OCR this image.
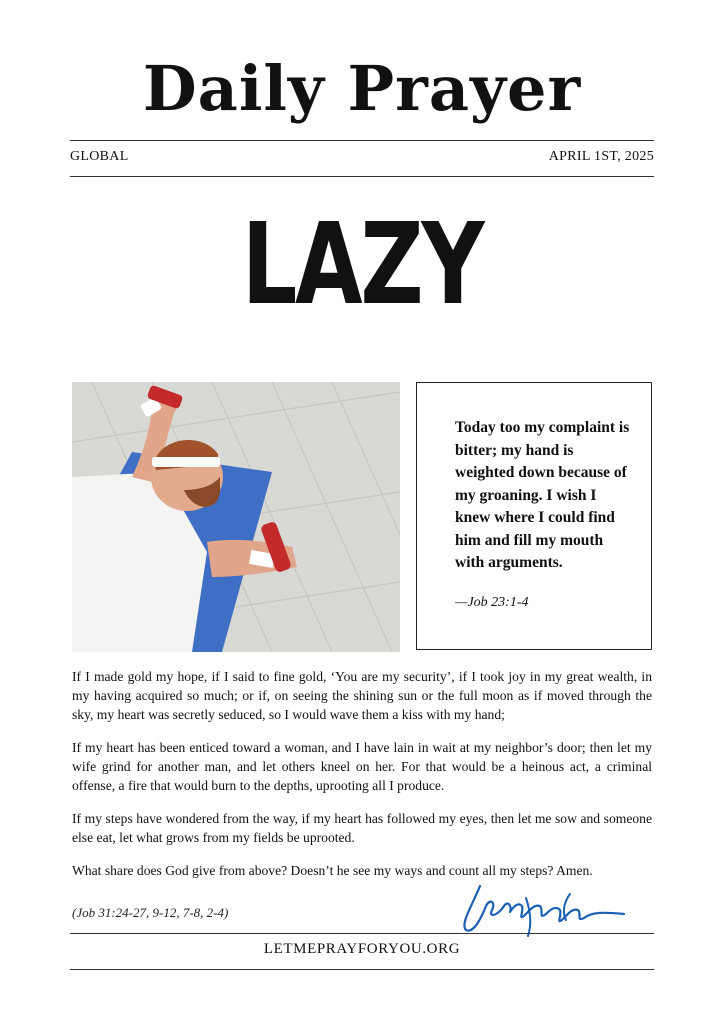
Daily Prayer
GLOBAL	APRIL 1ST, 2025
LAZY
Today too my complaint is bitter; my hand is weighted down because of my groaning. I wish I knew where I could find him and fill my mouth with arguments.
—Job 23:1-4

If I made gold my hope, if I said to fine gold, ‘You are my security’, if I took joy in my great wealth, in my having acquired so much; or if, on seeing the shining sun or the full moon as if moved through the sky, my heart was secretly seduced, so I would wave them a kiss with my hand;

If my heart has been enticed toward a woman, and I have lain in wait at my neighbor’s door; then let my wife grind for another man, and let others kneel on her. For that would be a heinous act, a criminal offense, a fire that would burn to the depths, uprooting all I produce.

If my steps have wondered from the way, if my heart has followed my eyes, then let me sow and someone else eat, let what grows from my fields be uprooted.

What share does God give from above? Doesn’t he see my ways and count all my steps? Amen.

(Job 31:24-27, 9-12, 7-8, 2-4)
LETMEPRAYFORYOU.ORG
